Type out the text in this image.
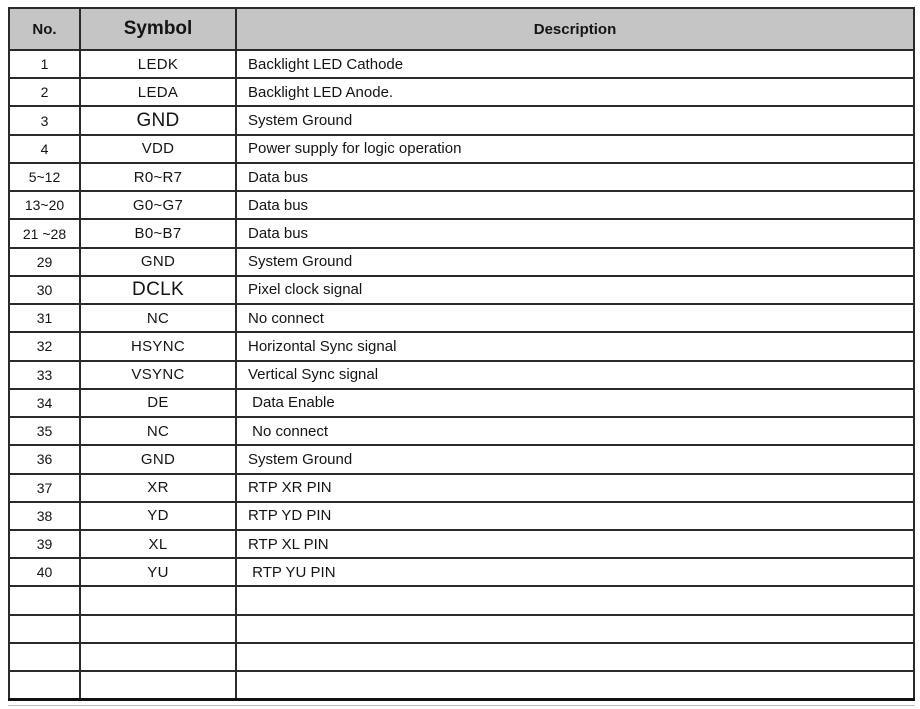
No.	Symbol	Description
1	LEDK	Backlight LED Cathode
2	LEDA	Backlight LED Anode.
3	GND	System Ground
4	VDD	Power supply for logic operation
5~12	R0~R7	Data bus
13~20	G0~G7	Data bus
21 ~28	B0~B7	Data bus
29	GND	System Ground
30	DCLK	Pixel clock signal
31	NC	No connect
32	HSYNC	Horizontal Sync signal
33	VSYNC	Vertical Sync signal
34	DE	Data Enable
35	NC	No connect
36	GND	System Ground
37	XR	RTP XR PIN
38	YD	RTP YD PIN
39	XL	RTP XL PIN
40	YU	RTP YU PIN
